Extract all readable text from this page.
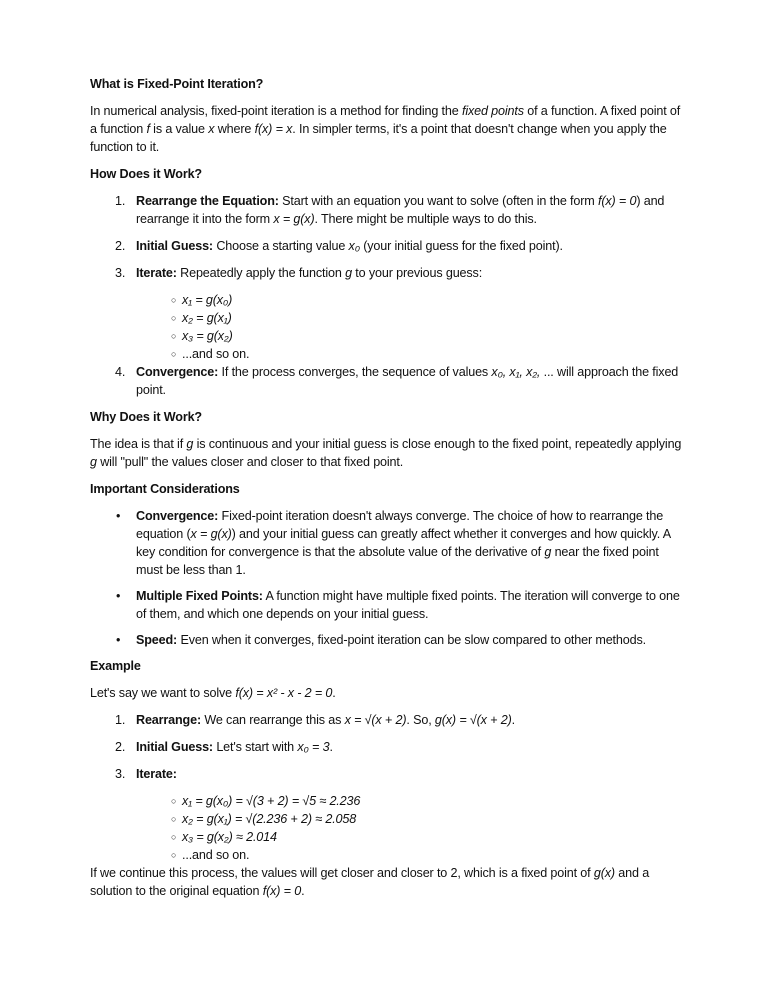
What is Fixed-Point Iteration?
In numerical analysis, fixed-point iteration is a method for finding the fixed points of a function. A fixed point of a function f is a value x where f(x) = x. In simpler terms, it's a point that doesn't change when you apply the function to it.
How Does it Work?
1. Rearrange the Equation: Start with an equation you want to solve (often in the form f(x) = 0) and rearrange it into the form x = g(x). There might be multiple ways to do this.
2. Initial Guess: Choose a starting value x₀ (your initial guess for the fixed point).
3. Iterate: Repeatedly apply the function g to your previous guess:
○ x₁ = g(x₀)
○ x₂ = g(x₁)
○ x₃ = g(x₂)
○ ...and so on.
4. Convergence: If the process converges, the sequence of values x₀, x₁, x₂, ... will approach the fixed point.
Why Does it Work?
The idea is that if g is continuous and your initial guess is close enough to the fixed point, repeatedly applying g will "pull" the values closer and closer to that fixed point.
Important Considerations
• Convergence: Fixed-point iteration doesn't always converge. The choice of how to rearrange the equation (x = g(x)) and your initial guess can greatly affect whether it converges and how quickly. A key condition for convergence is that the absolute value of the derivative of g near the fixed point must be less than 1.
• Multiple Fixed Points: A function might have multiple fixed points. The iteration will converge to one of them, and which one depends on your initial guess.
• Speed: Even when it converges, fixed-point iteration can be slow compared to other methods.
Example
Let's say we want to solve f(x) = x² - x - 2 = 0.
1. Rearrange: We can rearrange this as x = √(x + 2). So, g(x) = √(x + 2).
2. Initial Guess: Let's start with x₀ = 3.
3. Iterate:
○ x₁ = g(x₀) = √(3 + 2) = √5 ≈ 2.236
○ x₂ = g(x₁) = √(2.236 + 2) ≈ 2.058
○ x₃ = g(x₂) ≈ 2.014
○ ...and so on.
If we continue this process, the values will get closer and closer to 2, which is a fixed point of g(x) and a solution to the original equation f(x) = 0.
